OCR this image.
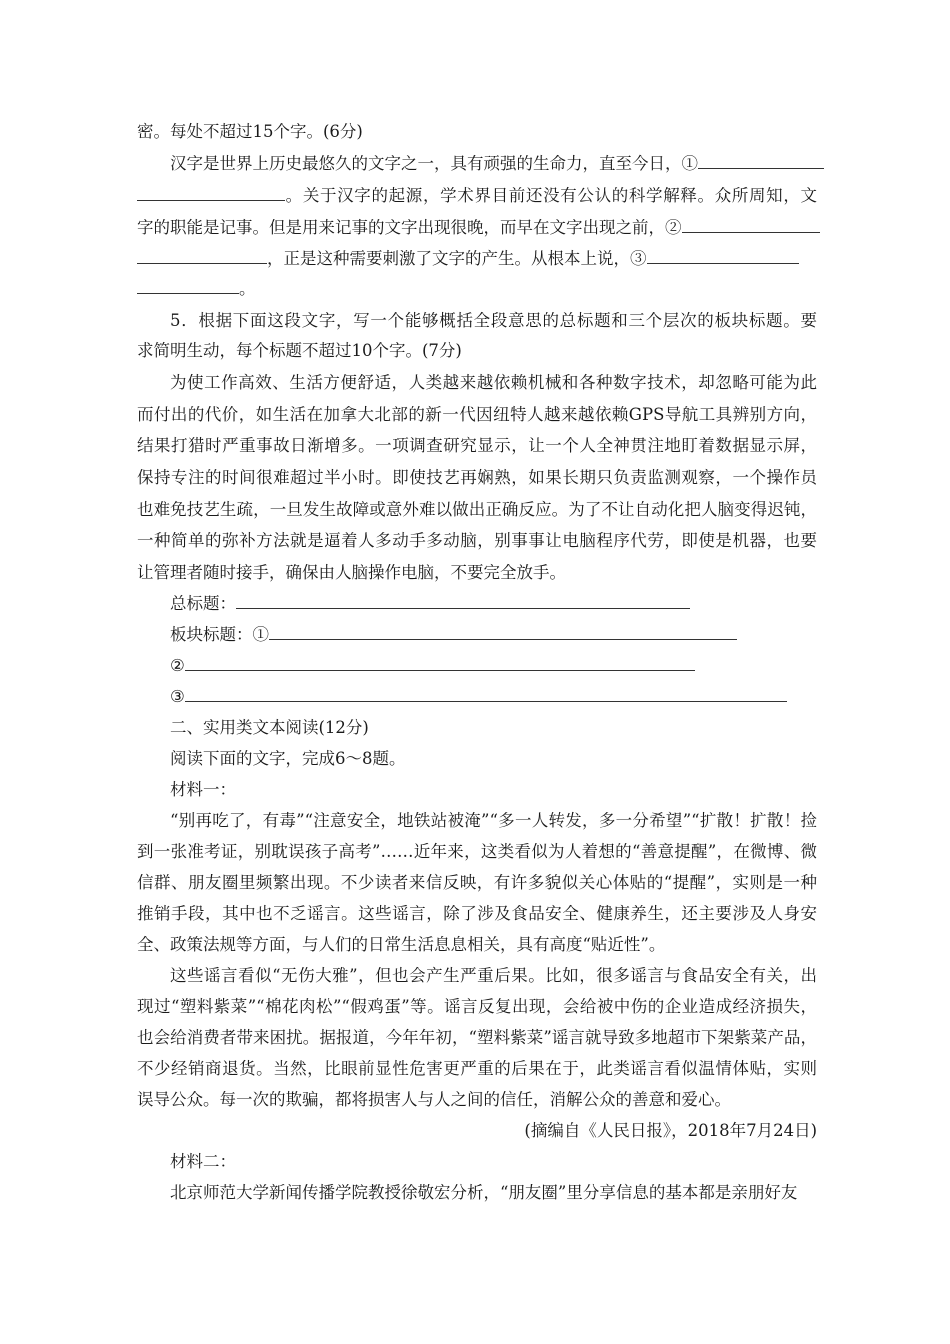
密。每处不超过15个字。(6分)
汉字是世界上历史最悠久的文字之一，具有顽强的生命力，直至今日，①
。关于汉字的起源，学术界目前还没有公认的科学解释。众所周知，文
字的职能是记事。但是用来记事的文字出现很晚，而早在文字出现之前，②
，正是这种需要刺激了文字的产生。从根本上说，③
。
5．根据下面这段文字，写一个能够概括全段意思的总标题和三个层次的板块标题。要
求简明生动，每个标题不超过10个字。(7分)
为使工作高效、生活方便舒适，人类越来越依赖机械和各种数字技术，却忽略可能为此
而付出的代价，如生活在加拿大北部的新一代因纽特人越来越依赖GPS导航工具辨别方向，
结果打猎时严重事故日渐增多。一项调查研究显示，让一个人全神贯注地盯着数据显示屏，
保持专注的时间很难超过半小时。即使技艺再娴熟，如果长期只负责监测观察，一个操作员
也难免技艺生疏，一旦发生故障或意外难以做出正确反应。为了不让自动化把人脑变得迟钝，
一种简单的弥补方法就是逼着人多动手多动脑，别事事让电脑程序代劳，即使是机器，也要
让管理者随时接手，确保由人脑操作电脑，不要完全放手。
总标题：
板块标题：①
②
③
二、实用类文本阅读(12分)
阅读下面的文字，完成6～8题。
材料一：
“别再吃了，有毒”“注意安全，地铁站被淹”“多一人转发，多一分希望”“扩散！扩散！捡
到一张准考证，别耽误孩子高考”……近年来，这类看似为人着想的“善意提醒”，在微博、微
信群、朋友圈里频繁出现。不少读者来信反映，有许多貌似关心体贴的“提醒”，实则是一种
推销手段，其中也不乏谣言。这些谣言，除了涉及食品安全、健康养生，还主要涉及人身安
全、政策法规等方面，与人们的日常生活息息相关，具有高度“贴近性”。
这些谣言看似“无伤大雅”，但也会产生严重后果。比如，很多谣言与食品安全有关，出
现过“塑料紫菜”“棉花肉松”“假鸡蛋”等。谣言反复出现，会给被中伤的企业造成经济损失，
也会给消费者带来困扰。据报道，今年年初，“塑料紫菜”谣言就导致多地超市下架紫菜产品，
不少经销商退货。当然，比眼前显性危害更严重的后果在于，此类谣言看似温情体贴，实则
误导公众。每一次的欺骗，都将损害人与人之间的信任，消解公众的善意和爱心。
(摘编自《人民日报》，2018年7月24日)
材料二：
北京师范大学新闻传播学院教授徐敬宏分析，“朋友圈”里分享信息的基本都是亲朋好友
